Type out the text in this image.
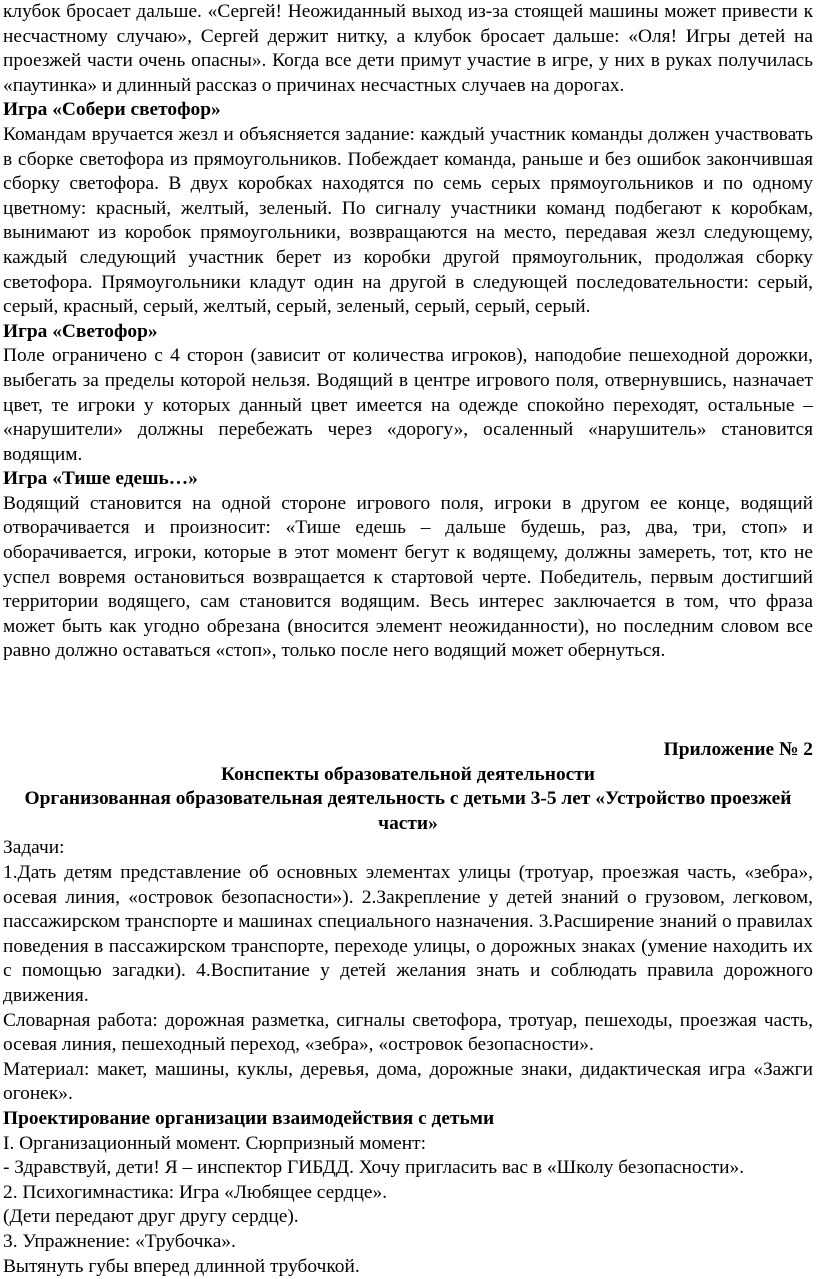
клубок бросает дальше. «Сергей! Неожиданный выход из-за стоящей машины может привести к несчастному случаю», Сергей держит нитку, а клубок бросает дальше: «Оля! Игры детей на проезжей части очень опасны». Когда все дети примут участие в игре, у них в руках получилась «паутинка» и длинный рассказ о причинах несчастных случаев на дорогах.

Игра «Собери светофор»

Командам вручается жезл и объясняется задание: каждый участник команды должен участвовать в сборке светофора из прямоугольников. Побеждает команда, раньше и без ошибок закончившая сборку светофора. В двух коробках находятся по семь серых прямоугольников и по одному цветному: красный, желтый, зеленый. По сигналу участники команд подбегают к коробкам, вынимают из коробок прямоугольники, возвращаются на место, передавая жезл следующему, каждый следующий участник берет из коробки другой прямоугольник, продолжая сборку светофора. Прямоугольники кладут один на другой в следующей последовательности: серый, серый, красный, серый, желтый, серый, зеленый, серый, серый, серый.

Игра «Светофор»

Поле ограничено с 4 сторон (зависит от количества игроков), наподобие пешеходной дорожки, выбегать за пределы которой нельзя. Водящий в центре игрового поля, отвернувшись, назначает цвет, те игроки у которых данный цвет имеется на одежде спокойно переходят, остальные – «нарушители» должны перебежать через «дорогу», осаленный «нарушитель» становится водящим.

Игра «Тише едешь…»

Водящий становится на одной стороне игрового поля, игроки в другом ее конце, водящий отворачивается и произносит: «Тише едешь – дальше будешь, раз, два, три, стоп» и оборачивается, игроки, которые в этот момент бегут к водящему, должны замереть, тот, кто не успел вовремя остановиться возвращается к стартовой черте. Победитель, первым достигший территории водящего, сам становится водящим. Весь интерес заключается в том, что фраза может быть как угодно обрезана (вносится элемент неожиданности), но последним словом все равно должно оставаться «стоп», только после него водящий может обернуться.

Приложение № 2

Конспекты образовательной деятельности

Организованная образовательная деятельность с детьми 3-5 лет «Устройство проезжей части»

Задачи:

1.Дать детям представление об основных элементах улицы (тротуар, проезжая часть, «зебра», осевая линия, «островок безопасности»). 2.Закрепление у детей знаний о грузовом, легковом, пассажирском транспорте и машинах специального назначения. 3.Расширение знаний о правилах поведения в пассажирском транспорте, переходе улицы, о дорожных знаках (умение находить их с помощью загадки). 4.Воспитание у детей желания знать и соблюдать правила дорожного движения.

Словарная работа: дорожная разметка, сигналы светофора, тротуар, пешеходы, проезжая часть, осевая линия, пешеходный переход, «зебра», «островок безопасности».

Материал: макет, машины, куклы, деревья, дома, дорожные знаки, дидактическая игра «Зажги огонек».

Проектирование организации взаимодействия с детьми

I. Организационный момент. Сюрпризный момент:

- Здравствуй, дети! Я – инспектор ГИБДД. Хочу пригласить вас в «Школу безопасности».

2. Психогимнастика: Игра «Любящее сердце».

(Дети передают друг другу сердце).

3. Упражнение: «Трубочка».

Вытянуть губы вперед длинной трубочкой.
